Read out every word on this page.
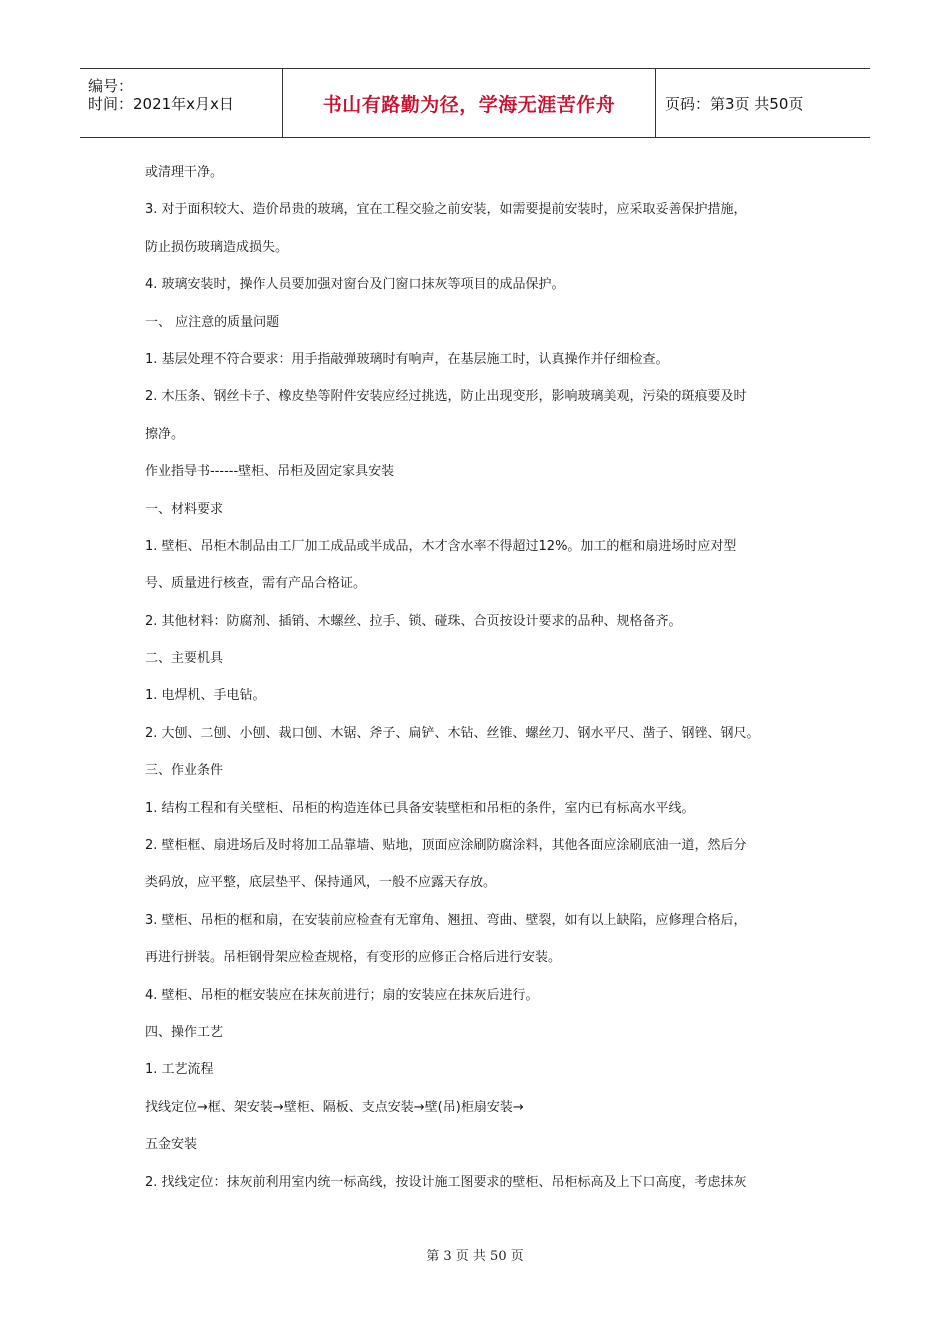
编号：
时间：2021年x月x日	书山有路勤为径，学海无涯苦作舟	页码：第3页 共50页
或清理干净。
3. 对于面积较大、造价昂贵的玻璃，宜在工程交验之前安装，如需要提前安装时，应采取妥善保护措施，
防止损伤玻璃造成损失。
4. 玻璃安装时，操作人员要加强对窗台及门窗口抹灰等项目的成品保护。
一、 应注意的质量问题
1. 基层处理不符合要求：用手指敲弹玻璃时有响声，在基层施工时，认真操作并仔细检查。
2. 木压条、钢丝卡子、橡皮垫等附件安装应经过挑选，防止出现变形，影响玻璃美观，污染的斑痕要及时
擦净。
作业指导书------壁柜、吊柜及固定家具安装
一、材料要求
1. 壁柜、吊柜木制品由工厂加工成品或半成品，木才含水率不得超过12%。加工的框和扇进场时应对型
号、质量进行核查，需有产品合格证。
2. 其他材料：防腐剂、插销、木螺丝、拉手、锁、碰珠、合页按设计要求的品种、规格备齐。
二、主要机具
1. 电焊机、手电钻。
2. 大刨、二刨、小刨、裁口刨、木锯、斧子、扁铲、木钻、丝锥、螺丝刀、钢水平尺、凿子、钢锉、钢尺。
三、作业条件
1. 结构工程和有关壁柜、吊柜的构造连体已具备安装壁柜和吊柜的条件，室内已有标高水平线。
2. 壁柜框、扇进场后及时将加工品靠墙、贴地，顶面应涂刷防腐涂料，其他各面应涂刷底油一道，然后分
类码放，应平整，底层垫平、保持通风，一般不应露天存放。
3. 壁柜、吊柜的框和扇，在安装前应检查有无窜角、翘扭、弯曲、壁裂，如有以上缺陷，应修理合格后，
再进行拼装。吊柜钢骨架应检查规格，有变形的应修正合格后进行安装。
4. 壁柜、吊柜的框安装应在抹灰前进行；扇的安装应在抹灰后进行。
四、操作工艺
1. 工艺流程
找线定位→框、架安装→壁柜、隔板、支点安装→壁(吊)柜扇安装→
五金安装
2. 找线定位：抹灰前利用室内统一标高线，按设计施工图要求的壁柜、吊柜标高及上下口高度，考虑抹灰
第 3 页 共 50 页
